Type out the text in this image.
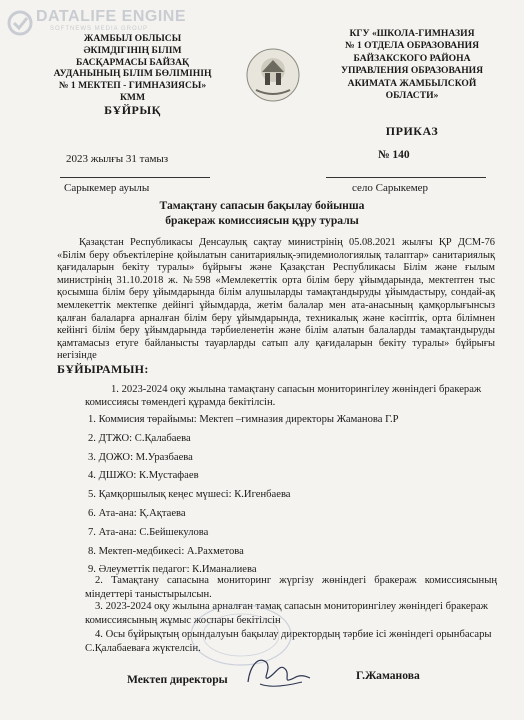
DATALIFE ENGINE
SOFTNEWS MEDIA GROUP
ЖАМБЫЛ ОБЛЫСЫ
ӘКІМДІГІНІҢ БІЛІМ
БАСҚАРМАСЫ БАЙЗАҚ
АУДАНЫНЫҢ БІЛІМ БӨЛІМІНІҢ
№ 1 МЕКТЕП - ГИМНАЗИЯСЫ»
КММ
БҰЙРЫҚ
2023 жылғы 31 тамыз
Сарыкемер ауылы
КГУ «ШКОЛА-ГИМНАЗИЯ
№ 1 ОТДЕЛА ОБРАЗОВАНИЯ
БАЙЗАКСКОГО РАЙОНА
УПРАВЛЕНИЯ ОБРАЗОВАНИЯ
АКИМАТА ЖАМБЫЛСКОЙ
ОБЛАСТИ»
ПРИКАЗ
№ 140
село Сарыкемер
Тамақтану сапасын бақылау бойынша
бракераж комиссиясын құру туралы
Қазақстан Республикасы Денсаулық сақтау министрінің 05.08.2021 жылғы ҚР ДСМ-76 «Білім беру объектілеріне қойылатын санитариялық-эпидемиологиялық талаптар» санитариялық қағидаларын бекіту туралы» бұйрығы және Қазақстан Республикасы Білім және ғылым министрінің 31.10.2018 ж. №598 «Мемлекеттік орта білім беру ұйымдарында, мектептен тыс қосымша білім беру ұйымдарында білім алушыларды тамақтандыруды ұйымдастыру, сондай-ақ мемлекеттік мектепке дейінгі ұйымдарда, жетім балалар мен ата-анасының қамқорлығынсыз қалған балаларға арналған білім беру ұйымдарында, техникалық және кәсіптік, орта білімнен кейінгі білім беру ұйымдарында тәрбиеленетін және білім алатын балаларды тамақтандыруды қамтамасыз етуге байланысты тауарларды сатып алу қағидаларын бекіту туралы» бұйрығы негізінде
БҰЙЫРАМЫН:
1. 2023-2024 оқу жылына тамақтану сапасын мониторингілеу жөніндегі бракераж комиссиясы төмендегі құрамда бекітілсін.
1. Коммисия төрайымы: Мектеп –гимназия директоры Жаманова Г.Р
2. ДТЖО: С.Қалабаева
3. ДОЖО: М.Уразбаева
4. ДШЖО: К.Мустафаев
5. Қамқоршылық кеңес мүшесі: К.Игенбаева
6. Ата-ана: Қ.Ақтаева
7. Ата-ана: С.Бейшекулова
8. Мектеп-медбикесі: А.Рахметова
9. Әлеуметтік педагог: К.Иманалиева
2. Тамақтану сапасына мониторинг жүргізу жөніндегі бракераж комиссиясының міндеттері таныстырылсын.
3. 2023-2024 оқу жылына арналған тамақ сапасын мониторингілеу жөніндегі бракераж комиссиясының жұмыс жоспары бекітілсін
4. Осы бұйрықтың орындалуын бақылау директордың тәрбие ісі жөніндегі орынбасары С.Қалабаеваға жүктелсін.
Мектеп директоры	Г.Жаманова
